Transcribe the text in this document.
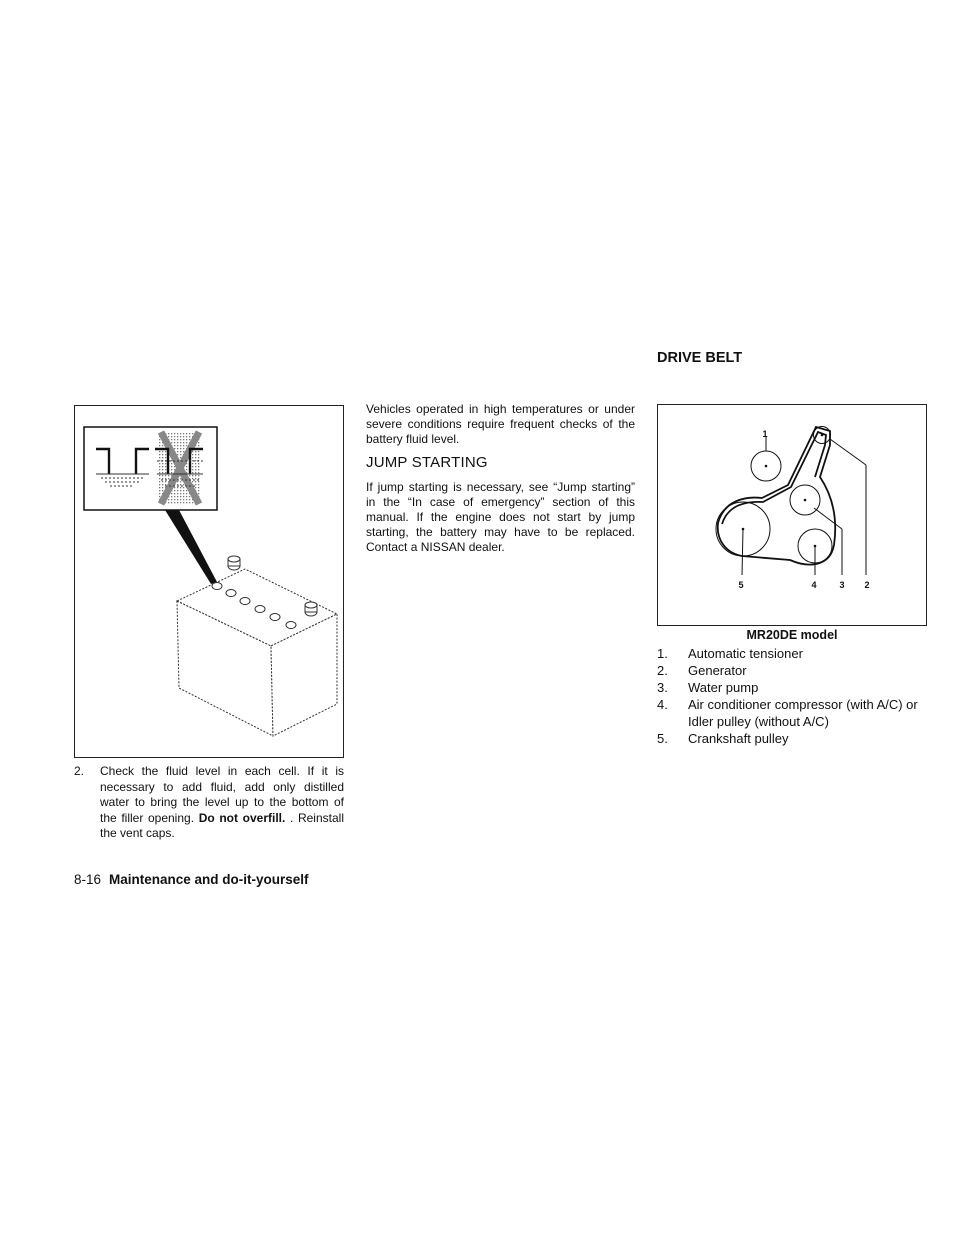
2.	Check the fluid level in each cell. If it is necessary to add fluid, add only distilled water to bring the level up to the bottom of the filler opening. Do not overfill. . Reinstall the vent caps.
Vehicles operated in high temperatures or under severe conditions require frequent checks of the battery fluid level.
JUMP STARTING
If jump starting is necessary, see “Jump starting” in the “In case of emergency” section of this manual. If the engine does not start by jump starting, the battery may have to be replaced. Contact a NISSAN dealer.
DRIVE BELT
1
5	4	3 2
MR20DE model
1. Automatic tensioner
2. Generator
3. Water pump
4. Air conditioner compressor (with A/C) or Idler pulley (without A/C)
5. Crankshaft pulley
8-16 Maintenance and do-it-yourself
